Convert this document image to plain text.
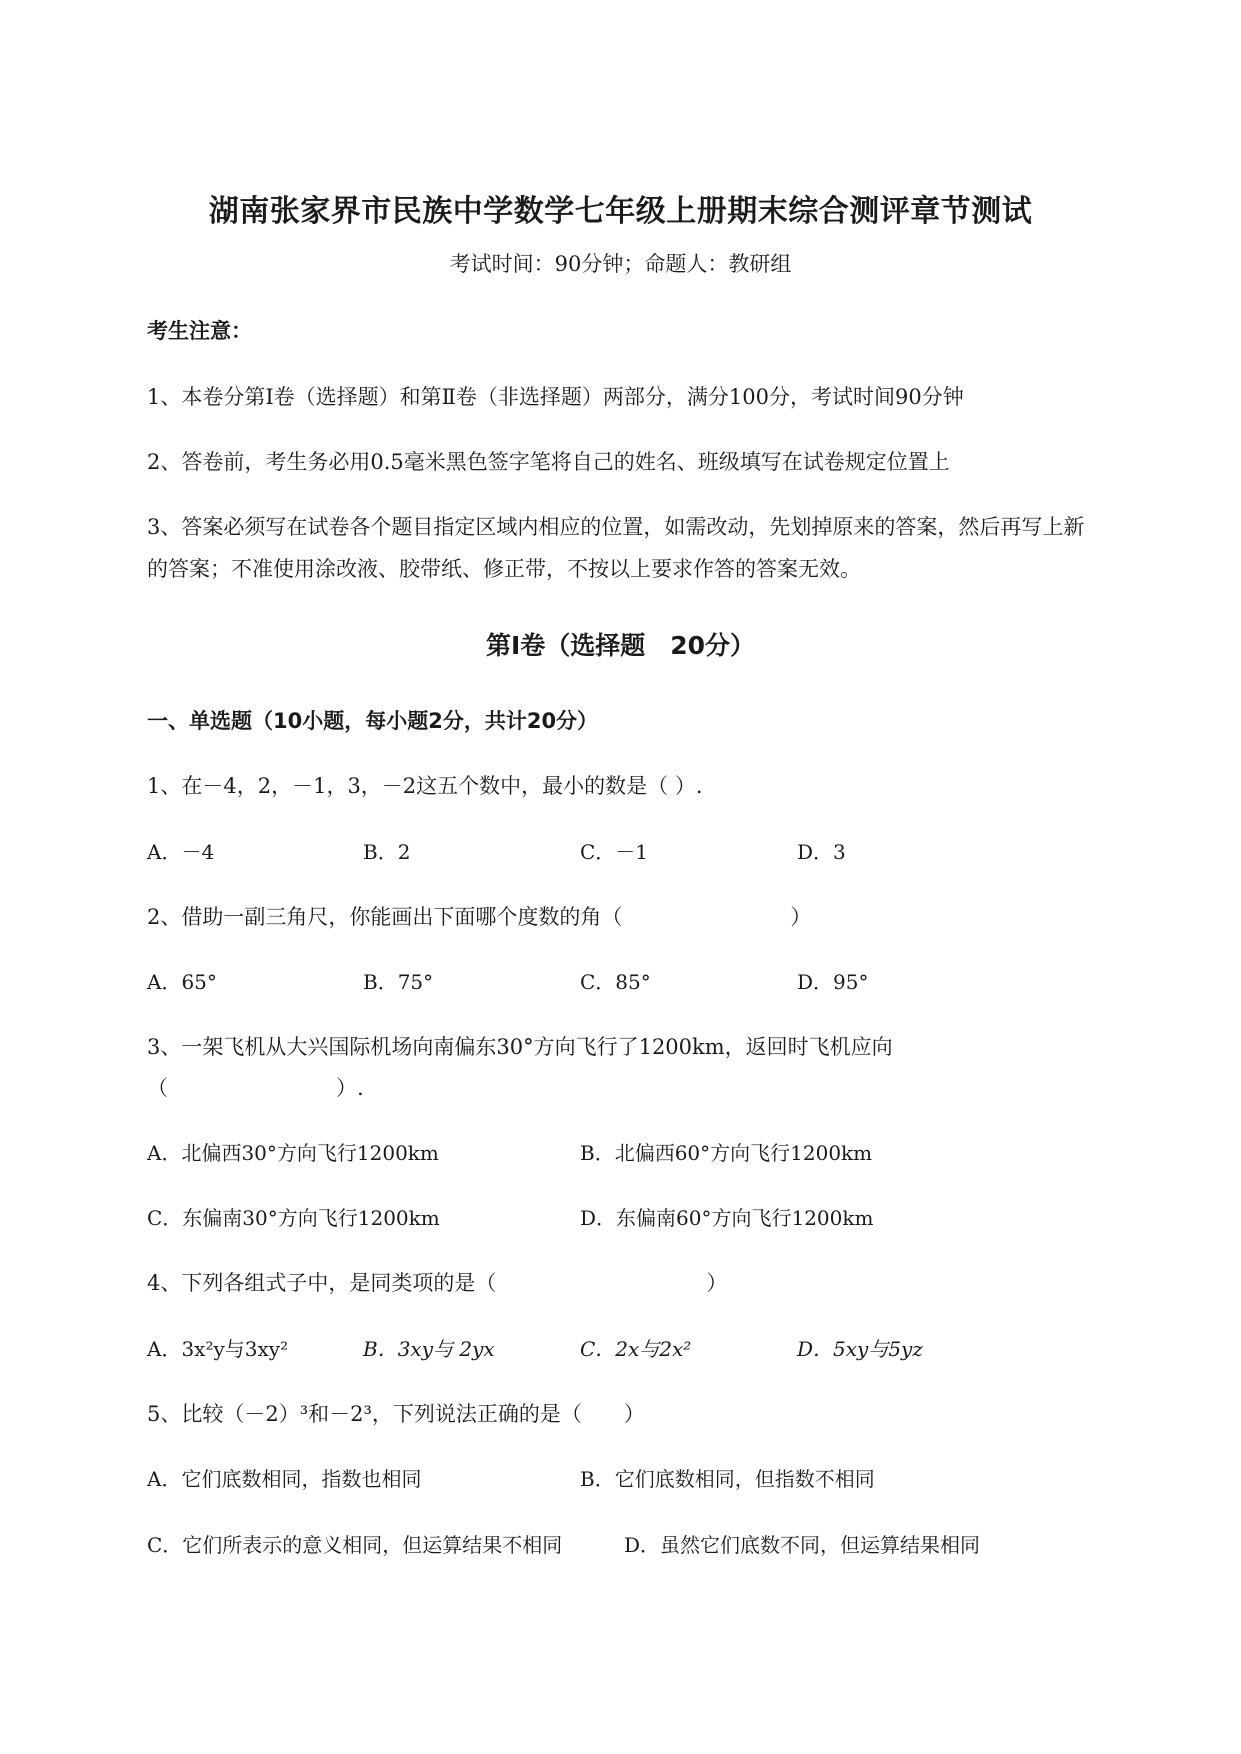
湖南张家界市民族中学数学七年级上册期末综合测评章节测试
考试时间：90分钟；命题人：教研组
考生注意：
1、本卷分第Ⅰ卷（选择题）和第Ⅱ卷（非选择题）两部分，满分100分，考试时间90分钟
2、答卷前，考生务必用0.5毫米黑色签字笔将自己的姓名、班级填写在试卷规定位置上
3、答案必须写在试卷各个题目指定区域内相应的位置，如需改动，先划掉原来的答案，然后再写上新
的答案；不准使用涂改液、胶带纸、修正带，不按以上要求作答的答案无效。
第Ⅰ卷（选择题　20分）
一、单选题（10小题，每小题2分，共计20分）
1、在－4，2，－1，3，－2这五个数中，最小的数是（ ）.
A．－4	B．2	C．－1	D．3
2、借助一副三角尺，你能画出下面哪个度数的角（　　　　　　　　）
A．65°	B．75°	C．85°	D．95°
3、一架飞机从大兴国际机场向南偏东30°方向飞行了1200km，返回时飞机应向
（　　　　　　　　）.
A．北偏西30°方向飞行1200km	B．北偏西60°方向飞行1200km
C．东偏南30°方向飞行1200km	D．东偏南60°方向飞行1200km
4、下列各组式子中，是同类项的是（　　　　　　　　　　）
A．3x²y与3xy²	B．3xy与 2yx	C．2x与2x²	D．5xy与5yz
5、比较（－2）³和－2³，下列说法正确的是（　　）
A．它们底数相同，指数也相同	B．它们底数相同，但指数不相同
C．它们所表示的意义相同，但运算结果不相同	D．虽然它们底数不同，但运算结果相同
